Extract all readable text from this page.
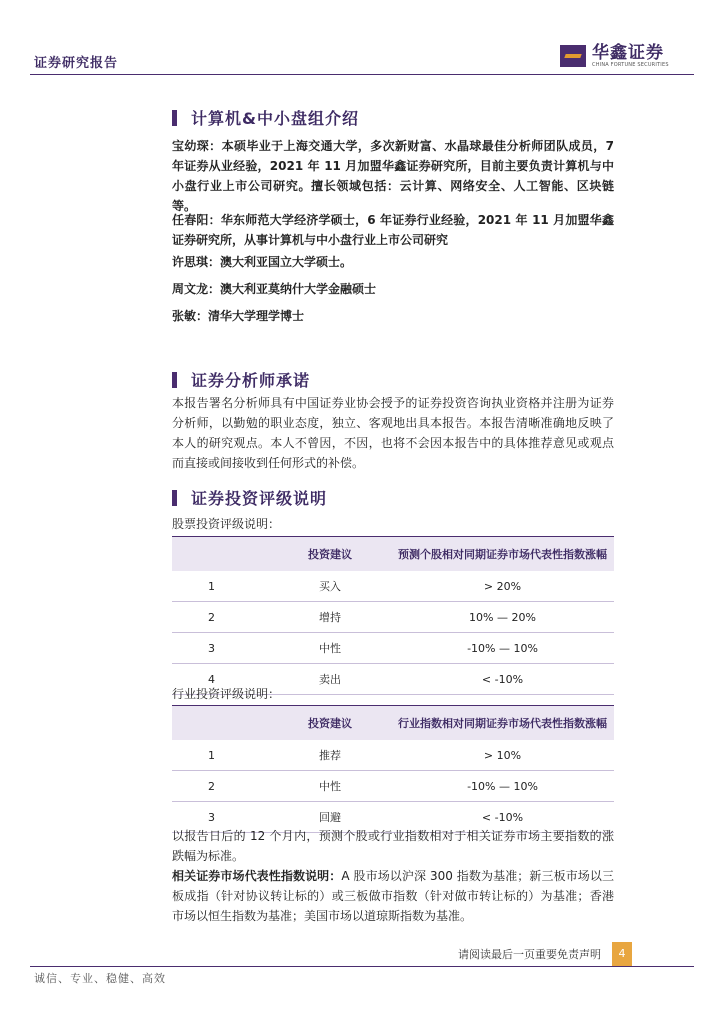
证券研究报告
华鑫证券
CHINA FORTUNE SECURITIES
计算机&中小盘组介绍
宝幼琛：本硕毕业于上海交通大学，多次新财富、水晶球最佳分析师团队成员，7 年证券从业经验，2021 年 11 月加盟华鑫证券研究所，目前主要负责计算机与中小盘行业上市公司研究。擅长领域包括：云计算、网络安全、人工智能、区块链等。
任春阳：华东师范大学经济学硕士，6 年证券行业经验，2021 年 11 月加盟华鑫证券研究所，从事计算机与中小盘行业上市公司研究
许思琪：澳大利亚国立大学硕士。
周文龙：澳大利亚莫纳什大学金融硕士
张敏：清华大学理学博士
证券分析师承诺
本报告署名分析师具有中国证券业协会授予的证券投资咨询执业资格并注册为证券分析师，以勤勉的职业态度，独立、客观地出具本报告。本报告清晰准确地反映了本人的研究观点。本人不曾因，不因，也将不会因本报告中的具体推荐意见或观点而直接或间接收到任何形式的补偿。
证券投资评级说明
股票投资评级说明：
	投资建议	预测个股相对同期证券市场代表性指数涨幅
1	买入	> 20%
2	增持	10% — 20%
3	中性	-10% — 10%
4	卖出	< -10%
行业投资评级说明：
	投资建议	行业指数相对同期证券市场代表性指数涨幅
1	推荐	> 10%
2	中性	-10% — 10%
3	回避	< -10%
以报告日后的 12 个月内，预测个股或行业指数相对于相关证券市场主要指数的涨跌幅为标准。
相关证券市场代表性指数说明：A 股市场以沪深 300 指数为基准；新三板市场以三板成指（针对协议转让标的）或三板做市指数（针对做市转让标的）为基准；香港市场以恒生指数为基准；美国市场以道琼斯指数为基准。
请阅读最后一页重要免责声明	4
诚信、专业、稳健、高效
